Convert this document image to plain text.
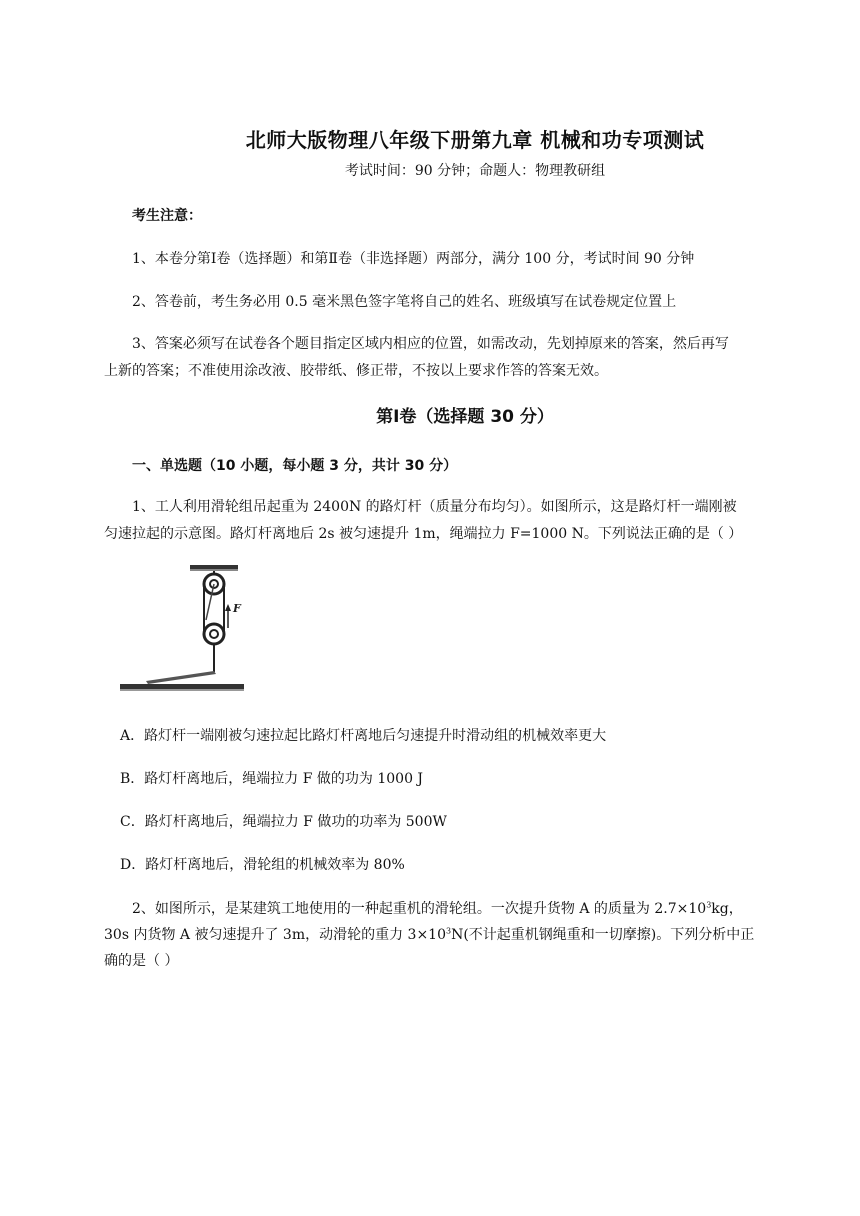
北师大版物理八年级下册第九章 机械和功专项测试
考试时间：90 分钟；命题人：物理教研组
考生注意：
1、本卷分第Ⅰ卷（选择题）和第Ⅱ卷（非选择题）两部分，满分 100 分，考试时间 90 分钟
2、答卷前，考生务必用 0.5 毫米黑色签字笔将自己的姓名、班级填写在试卷规定位置上
3、答案必须写在试卷各个题目指定区域内相应的位置，如需改动，先划掉原来的答案，然后再写
上新的答案；不准使用涂改液、胶带纸、修正带，不按以上要求作答的答案无效。
第Ⅰ卷（选择题 30 分）
一、单选题（10 小题，每小题 3 分，共计 30 分）
1、工人利用滑轮组吊起重为 2400N 的路灯杆（质量分布均匀）。如图所示，这是路灯杆一端刚被
匀速拉起的示意图。路灯杆离地后 2s 被匀速提升 1m，绳端拉力 F=1000 N。下列说法正确的是（ ）
F
A．路灯杆一端刚被匀速拉起比路灯杆离地后匀速提升时滑动组的机械效率更大
B．路灯杆离地后，绳端拉力 F 做的功为 1000 J
C．路灯杆离地后，绳端拉力 F 做功的功率为 500W
D．路灯杆离地后，滑轮组的机械效率为 80%
2、如图所示，是某建筑工地使用的一种起重机的滑轮组。一次提升货物 A 的质量为 $2.7\times 10^3kg$，
30s 内货物 A 被匀速提升了 3m，动滑轮的重力 $3\times 10^3N$(不计起重机钢绳重和一切摩擦)。下列分析中正
确的是（ ）
